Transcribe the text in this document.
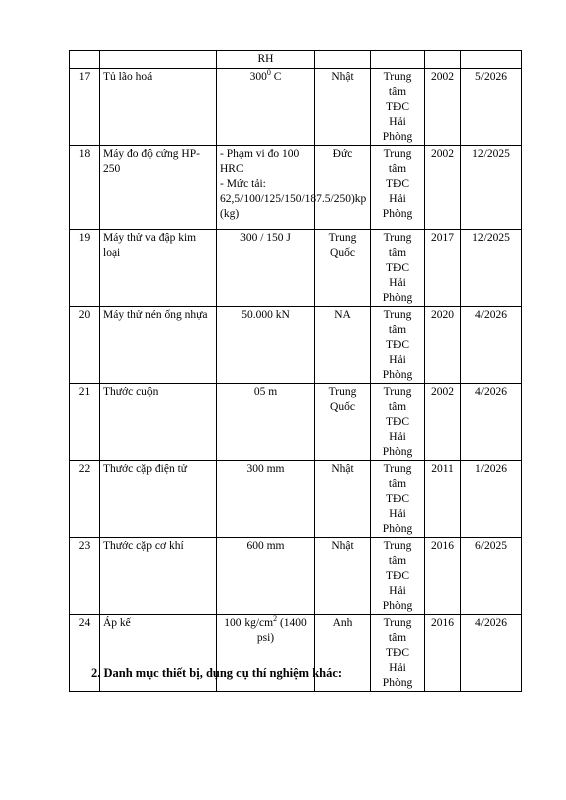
		RH				
17	Tủ lão hoá	$300^0$ C	Nhật	Trung
tâm
TĐC
Hải
Phòng	2002	5/2026
18	Máy đo độ cứng HP-250	- Phạm vi đo 100 HRC
- Mức tải: 62,5/100/125/150/187.5/250)kp (kg)	Đức	Trung
tâm
TĐC
Hải
Phòng	2002	12/2025
19	Máy thử va đập kim loại	300 / 150 J	Trung Quốc	Trung
tâm
TĐC
Hải
Phòng	2017	12/2025
20	Máy thử nén ống nhựa	50.000 kN	NA	Trung
tâm
TĐC
Hải
Phòng	2020	4/2026
21	Thước cuộn	05 m	Trung Quốc	Trung
tâm
TĐC
Hải
Phòng	2002	4/2026
22	Thước cặp điện tử	300 mm	Nhật	Trung
tâm
TĐC
Hải
Phòng	2011	1/2026
23	Thước cặp cơ khí	600 mm	Nhật	Trung
tâm
TĐC
Hải
Phòng	2016	6/2025
24	Áp kế	100 $kg/cm^2$ (1400 psi)	Anh	Trung
tâm
TĐC
Hải
Phòng	2016	4/2026

2. Danh mục thiết bị, dụng cụ thí nghiệm khác:
